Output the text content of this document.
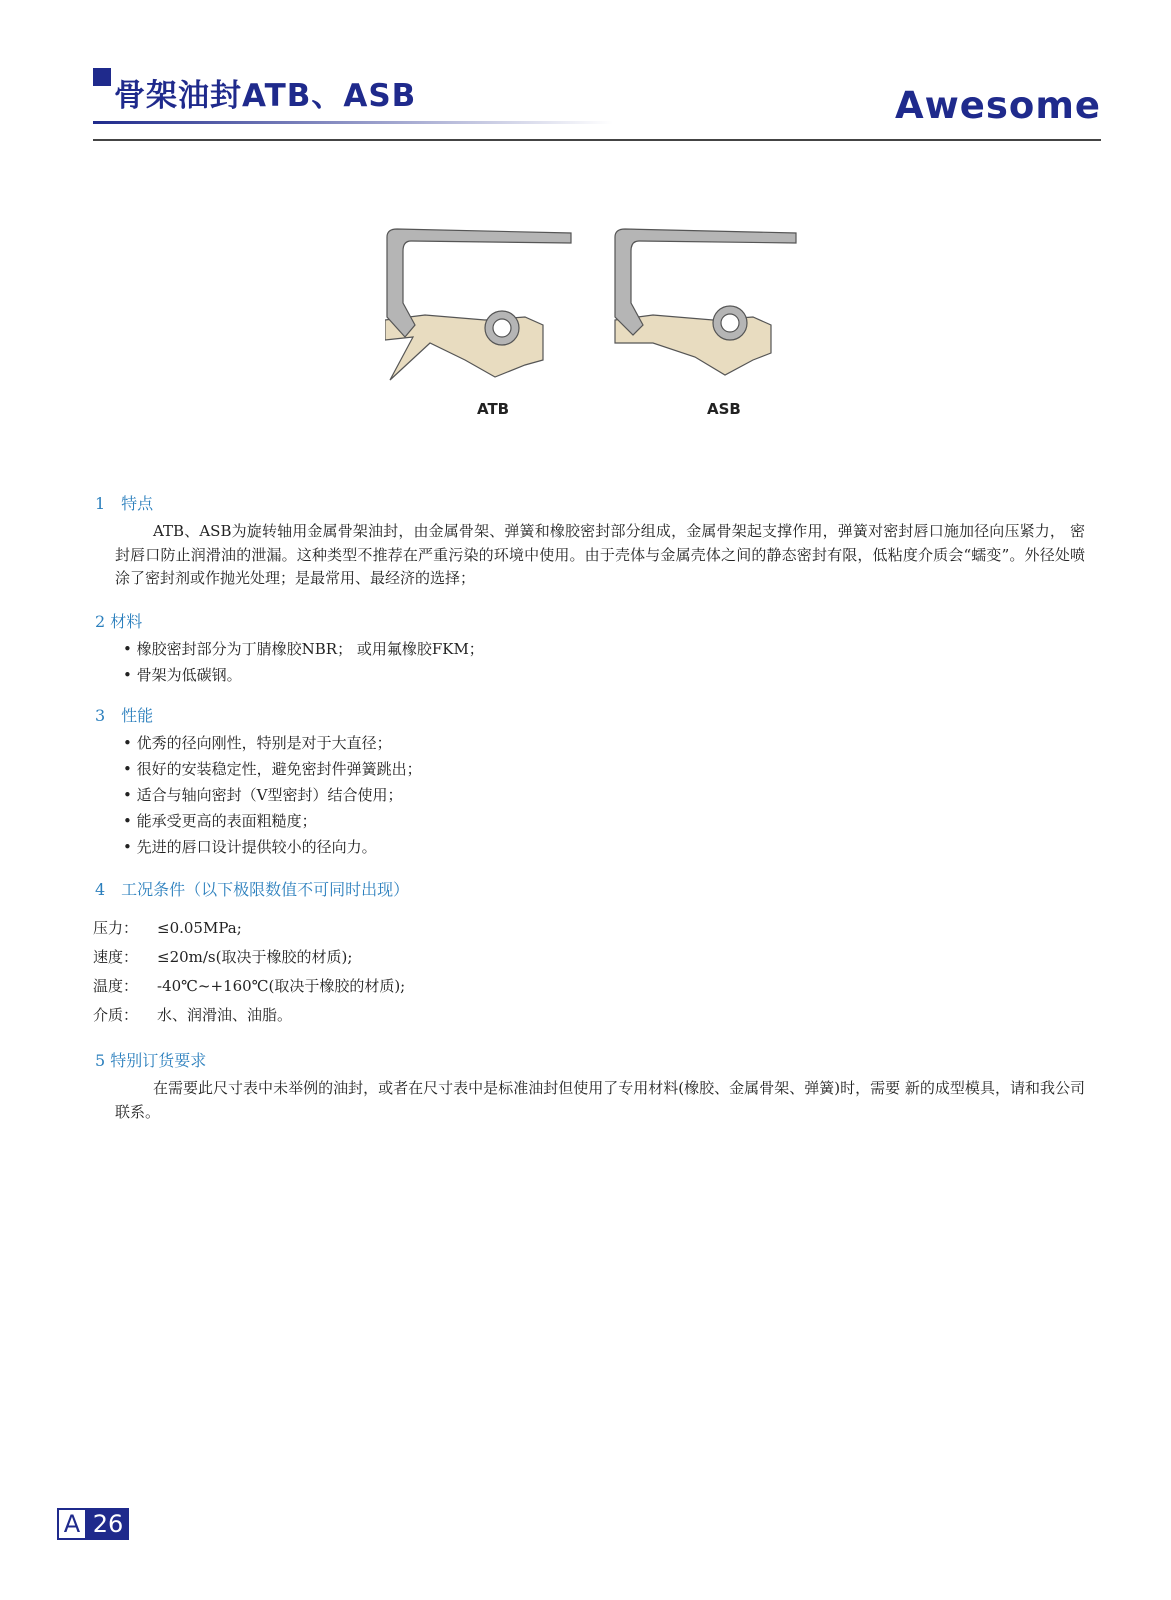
骨架油封ATB、ASB	Awesome
ATB	ASB
1　特点

ATB、ASB为旋转轴用金属骨架油封，由金属骨架、弹簧和橡胶密封部分组成，金属骨架起支撑作用，弹簧对密封唇口施加径向压紧力， 密封唇口防止润滑油的泄漏。这种类型不推荐在严重污染的环境中使用。由于壳体与金属壳体之间的静态密封有限，低粘度介质会“蠕变”。外径处喷涂了密封剂或作抛光处理；是最常用、最经济的选择；

2 材料
• 橡胶密封部分为丁腈橡胶NBR； 或用氟橡胶FKM；
• 骨架为低碳钢。
3　性能
• 优秀的径向刚性，特别是对于大直径；
• 很好的安装稳定性，避免密封件弹簧跳出；
• 适合与轴向密封（V型密封）结合使用；
• 能承受更高的表面粗糙度；
• 先进的唇口设计提供较小的径向力。
4　工况条件（以下极限数值不可同时出现）
压力： ≤0.05MPa;
速度： ≤20m/s(取决于橡胶的材质);
温度： -40℃~+160℃(取决于橡胶的材质);
介质： 水、润滑油、油脂。
5 特别订货要求

在需要此尺寸表中未举例的油封，或者在尺寸表中是标准油封但使用了专用材料(橡胶、金属骨架、弹簧)时，需要 新的成型模具，请和我公司联系。

A 26
